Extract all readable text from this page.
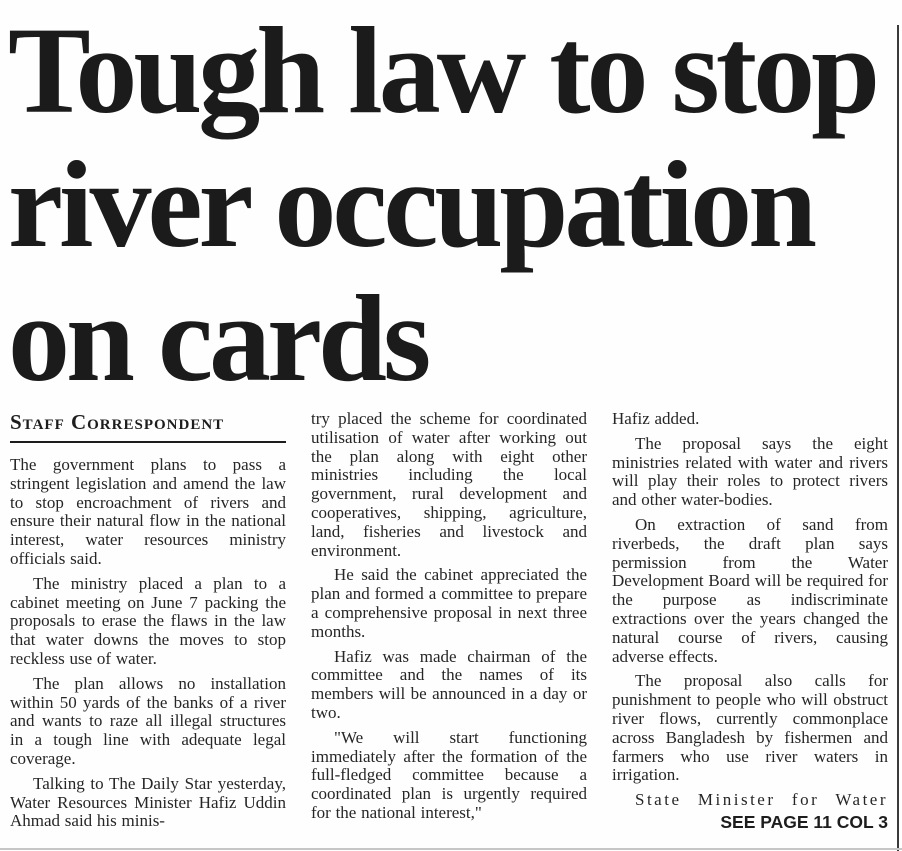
Tough law to stop
river occupation
on cards
Staff Correspondent

The government plans to pass a stringent legislation and amend the law to stop encroachment of rivers and ensure their natural flow in the national interest, water resources ministry officials said.

The ministry placed a plan to a cabinet meeting on June 7 packing the proposals to erase the flaws in the law that water downs the moves to stop reckless use of water.

The plan allows no installation within 50 yards of the banks of a river and wants to raze all illegal structures in a tough line with adequate legal coverage.

Talking to The Daily Star yesterday, Water Resources Minister Hafiz Uddin Ahmad said his minis-

try placed the scheme for coordinated utilisation of water after working out the plan along with eight other ministries including the local government, rural development and cooperatives, shipping, agriculture, land, fisheries and livestock and environment.

He said the cabinet appreciated the plan and formed a committee to prepare a comprehensive proposal in next three months.

Hafiz was made chairman of the committee and the names of its members will be announced in a day or two.

"We will start functioning immediately after the formation of the full-fledged committee because a coordinated plan is urgently required for the national interest,"

Hafiz added.

The proposal says the eight ministries related with water and rivers will play their roles to protect rivers and other water-bodies.

On extraction of sand from riverbeds, the draft plan says permission from the Water Development Board will be required for the purpose as indiscriminate extractions over the years changed the natural course of rivers, causing adverse effects.

The proposal also calls for punishment to people who will obstruct river flows, currently commonplace across Bangladesh by fishermen and farmers who use river waters in irrigation.

State Minister for Water

SEE PAGE 11 COL 3
